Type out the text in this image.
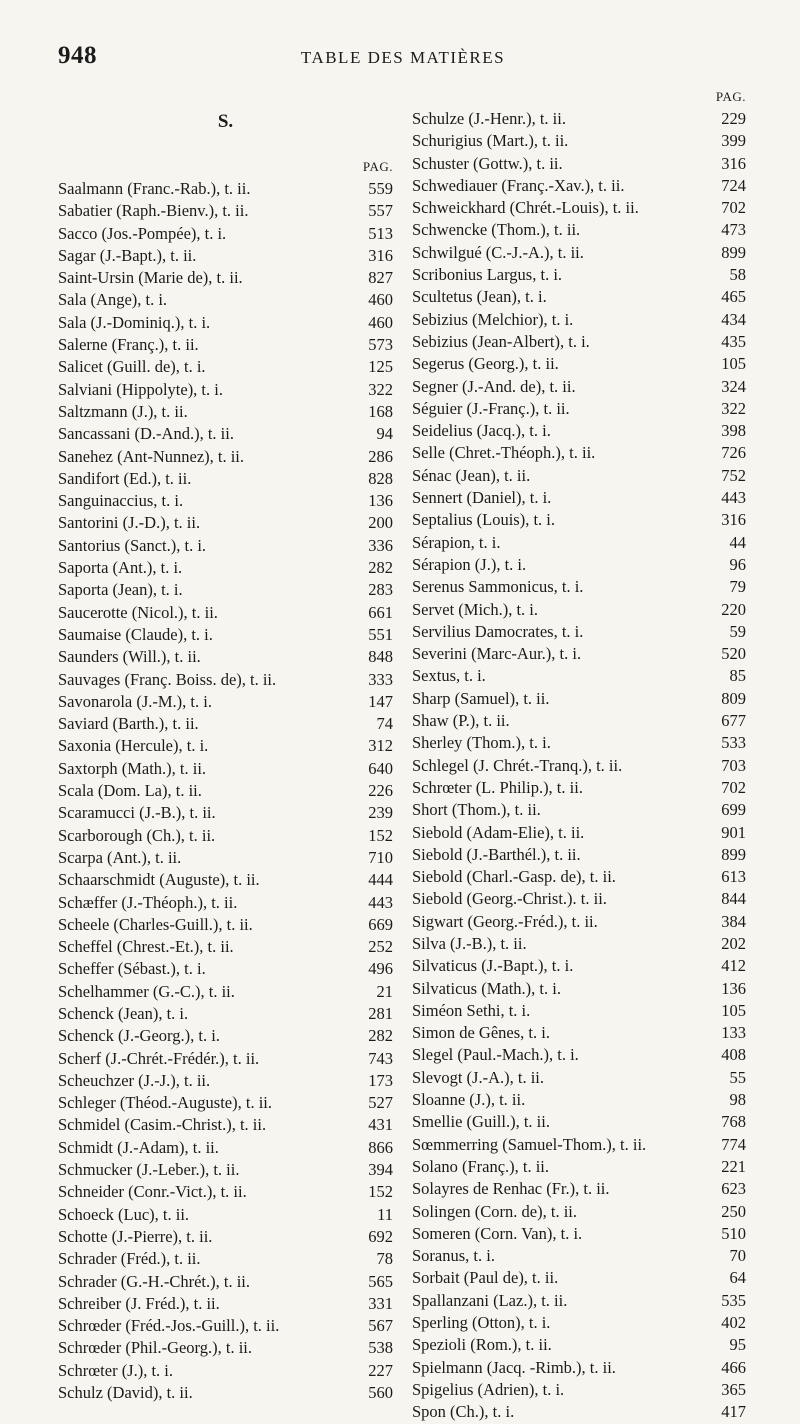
948	TABLE DES MATIÈRES
S.
PAG.
Saalmann (Franc.-Rab.), t. ii.	559
Sabatier (Raph.-Bienv.), t. ii.	557
Sacco (Jos.-Pompée), t. i.	513
Sagar (J.-Bapt.), t. ii.	316
Saint-Ursin (Marie de), t. ii.	827
Sala (Ange), t. i.	460
Sala (J.-Dominiq.), t. i.	460
Salerne (Franç.), t. ii.	573
Salicet (Guill. de), t. i.	125
Salviani (Hippolyte), t. i.	322
Saltzmann (J.), t. ii.	168
Sancassani (D.-And.), t. ii.	94
Sanehez (Ant-Nunnez), t. ii.	286
Sandifort (Ed.), t. ii.	828
Sanguinaccius, t. i.	136
Santorini (J.-D.), t. ii.	200
Santorius (Sanct.), t. i.	336
Saporta (Ant.), t. i.	282
Saporta (Jean), t. i.	283
Saucerotte (Nicol.), t. ii.	661
Saumaise (Claude), t. i.	551
Saunders (Will.), t. ii.	848
Sauvages (Franç. Boiss. de), t. ii.	333
Savonarola (J.-M.), t. i.	147
Saviard (Barth.), t. ii.	74
Saxonia (Hercule), t. i.	312
Saxtorph (Math.), t. ii.	640
Scala (Dom. La), t. ii.	226
Scaramucci (J.-B.), t. ii.	239
Scarborough (Ch.), t. ii.	152
Scarpa (Ant.), t. ii.	710
Schaarschmidt (Auguste), t. ii.	444
Schæffer (J.-Théoph.), t. ii.	443
Scheele (Charles-Guill.), t. ii.	669
Scheffel (Chrest.-Et.), t. ii.	252
Scheffer (Sébast.), t. i.	496
Schelhammer (G.-C.), t. ii.	21
Schenck (Jean), t. i.	281
Schenck (J.-Georg.), t. i.	282
Scherf (J.-Chrét.-Frédér.), t. ii.	743
Scheuchzer (J.-J.), t. ii.	173
Schleger (Théod.-Auguste), t. ii.	527
Schmidel (Casim.-Christ.), t. ii.	431
Schmidt (J.-Adam), t. ii.	866
Schmucker (J.-Leber.), t. ii.	394
Schneider (Conr.-Vict.), t. ii.	152
Schoeck (Luc), t. ii.	11
Schotte (J.-Pierre), t. ii.	692
Schrader (Fréd.), t. ii.	78
Schrader (G.-H.-Chrét.), t. ii.	565
Schreiber (J. Fréd.), t. ii.	331
Schrœder (Fréd.-Jos.-Guill.), t. ii.	567
Schrœder (Phil.-Georg.), t. ii.	538
Schrœter (J.), t. i.	227
Schulz (David), t. ii.	560
PAG.
Schulze (J.-Henr.), t. ii.	229
Schurigius (Mart.), t. ii.	399
Schuster (Gottw.), t. ii.	316
Schwediauer (Franç.-Xav.), t. ii.	724
Schweickhard (Chrét.-Louis), t. ii.	702
Schwencke (Thom.), t. ii.	473
Schwilgué (C.-J.-A.), t. ii.	899
Scribonius Largus, t. i.	58
Scultetus (Jean), t. i.	465
Sebizius (Melchior), t. i.	434
Sebizius (Jean-Albert), t. i.	435
Segerus (Georg.), t. ii.	105
Segner (J.-And. de), t. ii.	324
Séguier (J.-Franç.), t. ii.	322
Seidelius (Jacq.), t. i.	398
Selle (Chret.-Théoph.), t. ii.	726
Sénac (Jean), t. ii.	752
Sennert (Daniel), t. i.	443
Septalius (Louis), t. i.	316
Sérapion, t. i.	44
Sérapion (J.), t. i.	96
Serenus Sammonicus, t. i.	79
Servet (Mich.), t. i.	220
Servilius Damocrates, t. i.	59
Severini (Marc-Aur.), t. i.	520
Sextus, t. i.	85
Sharp (Samuel), t. ii.	809
Shaw (P.), t. ii.	677
Sherley (Thom.), t. i.	533
Schlegel (J. Chrét.-Tranq.), t. ii.	703
Schrœter (L. Philip.), t. ii.	702
Short (Thom.), t. ii.	699
Siebold (Adam-Elie), t. ii.	901
Siebold (J.-Barthél.), t. ii.	899
Siebold (Charl.-Gasp. de), t. ii.	613
Siebold (Georg.-Christ.). t. ii.	844
Sigwart (Georg.-Fréd.), t. ii.	384
Silva (J.-B.), t. ii.	202
Silvaticus (J.-Bapt.), t. i.	412
Silvaticus (Math.), t. i.	136
Siméon Sethi, t. i.	105
Simon de Gênes, t. i.	133
Slegel (Paul.-Mach.), t. i.	408
Slevogt (J.-A.), t. ii.	55
Sloanne (J.), t. ii.	98
Smellie (Guill.), t. ii.	768
Sœmmerring (Samuel-Thom.), t. ii.	774
Solano (Franç.), t. ii.	221
Solayres de Renhac (Fr.), t. ii.	623
Solingen (Corn. de), t. ii.	250
Someren (Corn. Van), t. i.	510
Soranus, t. i.	70
Sorbait (Paul de), t. ii.	64
Spallanzani (Laz.), t. ii.	535
Sperling (Otton), t. i.	402
Spezioli (Rom.), t. ii.	95
Spielmann (Jacq. -Rimb.), t. ii.	466
Spigelius (Adrien), t. i.	365
Spon (Ch.), t. i.	417
